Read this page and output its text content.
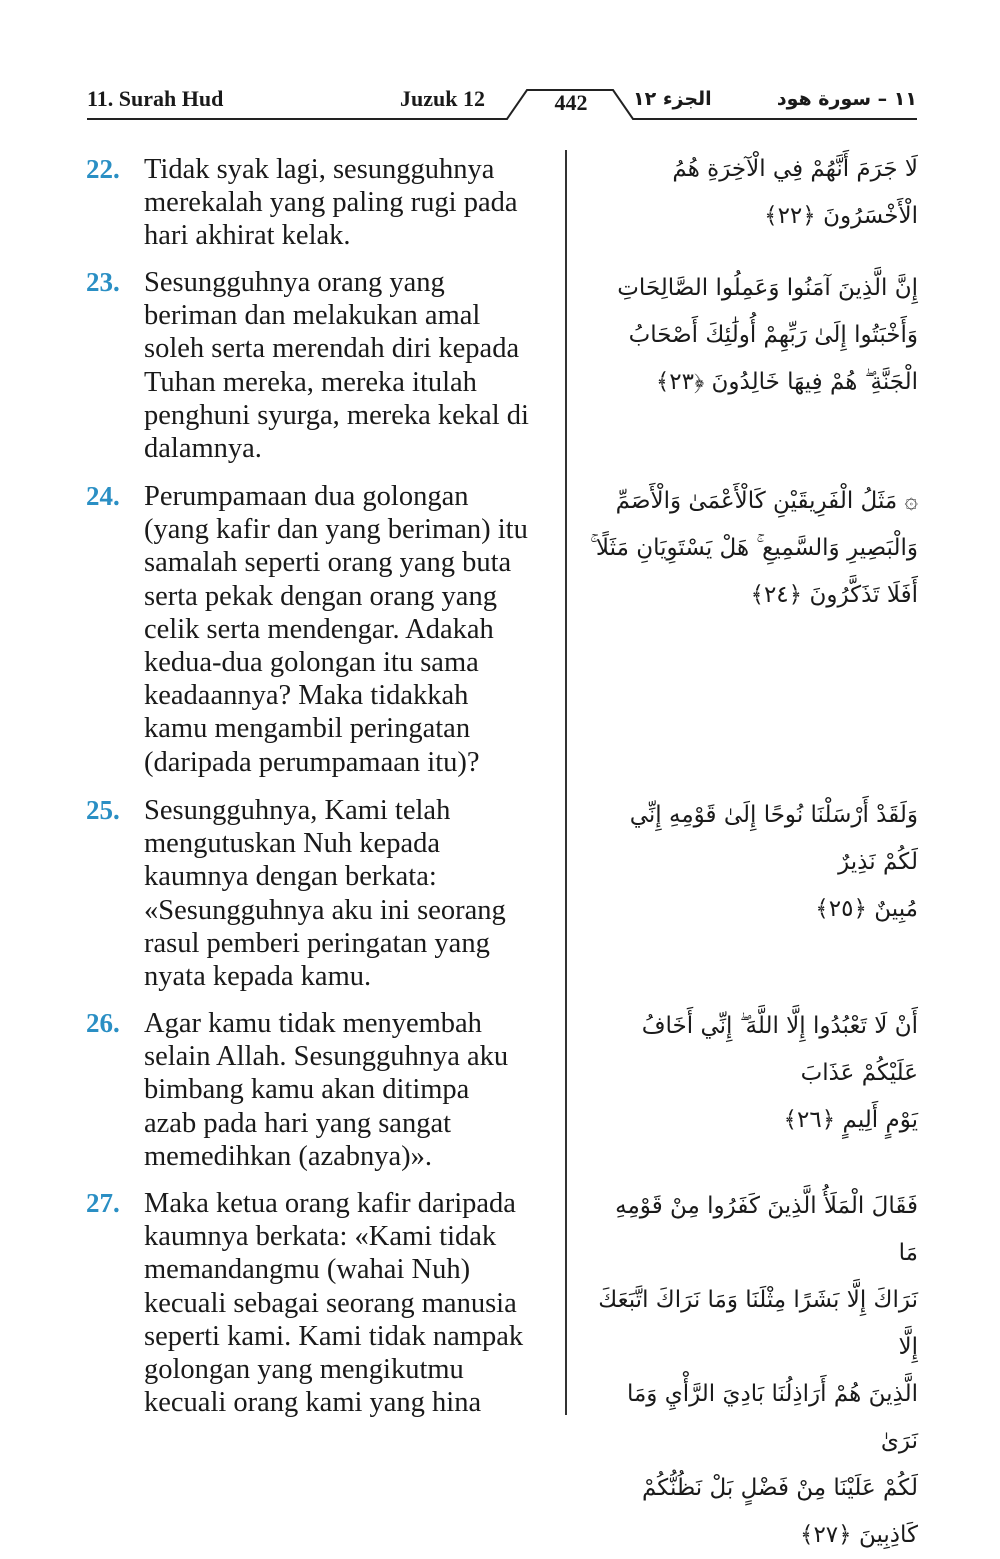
11. Surah Hud	Juzuk 12	442	الجزء ١٢	١١ – سورة هود
22. Tidak syak lagi, sesungguhnya
merekalah yang paling rugi pada
hari akhirat kelak.
لَا جَرَمَ أَنَّهُمْ فِي الْآخِرَةِ هُمُ الْأَخْسَرُونَ ﴿٢٢﴾
23. Sesungguhnya orang yang
beriman dan melakukan amal
soleh serta merendah diri kepada
Tuhan mereka, mereka itulah
penghuni syurga, mereka kekal di
dalamnya.
إِنَّ الَّذِينَ آمَنُوا وَعَمِلُوا الصَّالِحَاتِ
وَأَخْبَتُوا إِلَىٰ رَبِّهِمْ أُولَٰئِكَ أَصْحَابُ
الْجَنَّةِ ۖ هُمْ فِيهَا خَالِدُونَ ﴿٢٣﴾
24. Perumpamaan dua golongan
(yang kafir dan yang beriman) itu
samalah seperti orang yang buta
serta pekak dengan orang yang
celik serta mendengar. Adakah
kedua-dua golongan itu sama
keadaannya? Maka tidakkah
kamu mengambil peringatan
(daripada perumpamaan itu)?
۞ مَثَلُ الْفَرِيقَيْنِ كَالْأَعْمَىٰ وَالْأَصَمِّ
وَالْبَصِيرِ وَالسَّمِيعِ ۚ هَلْ يَسْتَوِيَانِ مَثَلًا ۚ
أَفَلَا تَذَكَّرُونَ ﴿٢٤﴾
25. Sesungguhnya, Kami telah
mengutuskan Nuh kepada
kaumnya dengan berkata:
«Sesungguhnya aku ini seorang
rasul pemberi peringatan yang
nyata kepada kamu.
وَلَقَدْ أَرْسَلْنَا نُوحًا إِلَىٰ قَوْمِهِ إِنِّي لَكُمْ نَذِيرٌ
مُبِينٌ ﴿٢٥﴾
26. Agar kamu tidak menyembah
selain Allah. Sesungguhnya aku
bimbang kamu akan ditimpa
azab pada hari yang sangat
memedihkan (azabnya)».
أَنْ لَا تَعْبُدُوا إِلَّا اللَّهَ ۖ إِنِّي أَخَافُ عَلَيْكُمْ عَذَابَ
يَوْمٍ أَلِيمٍ ﴿٢٦﴾
27. Maka ketua orang kafir daripada
kaumnya berkata: «Kami tidak
memandangmu (wahai Nuh)
kecuali sebagai seorang manusia
seperti kami. Kami tidak nampak
golongan yang mengikutmu
kecuali orang kami yang hina
فَقَالَ الْمَلَأُ الَّذِينَ كَفَرُوا مِنْ قَوْمِهِ مَا
نَرَاكَ إِلَّا بَشَرًا مِثْلَنَا وَمَا نَرَاكَ اتَّبَعَكَ إِلَّا
الَّذِينَ هُمْ أَرَاذِلُنَا بَادِيَ الرَّأْيِ وَمَا نَرَىٰ
لَكُمْ عَلَيْنَا مِنْ فَضْلٍ بَلْ نَظُنُّكُمْ
كَاذِبِينَ ﴿٢٧﴾
